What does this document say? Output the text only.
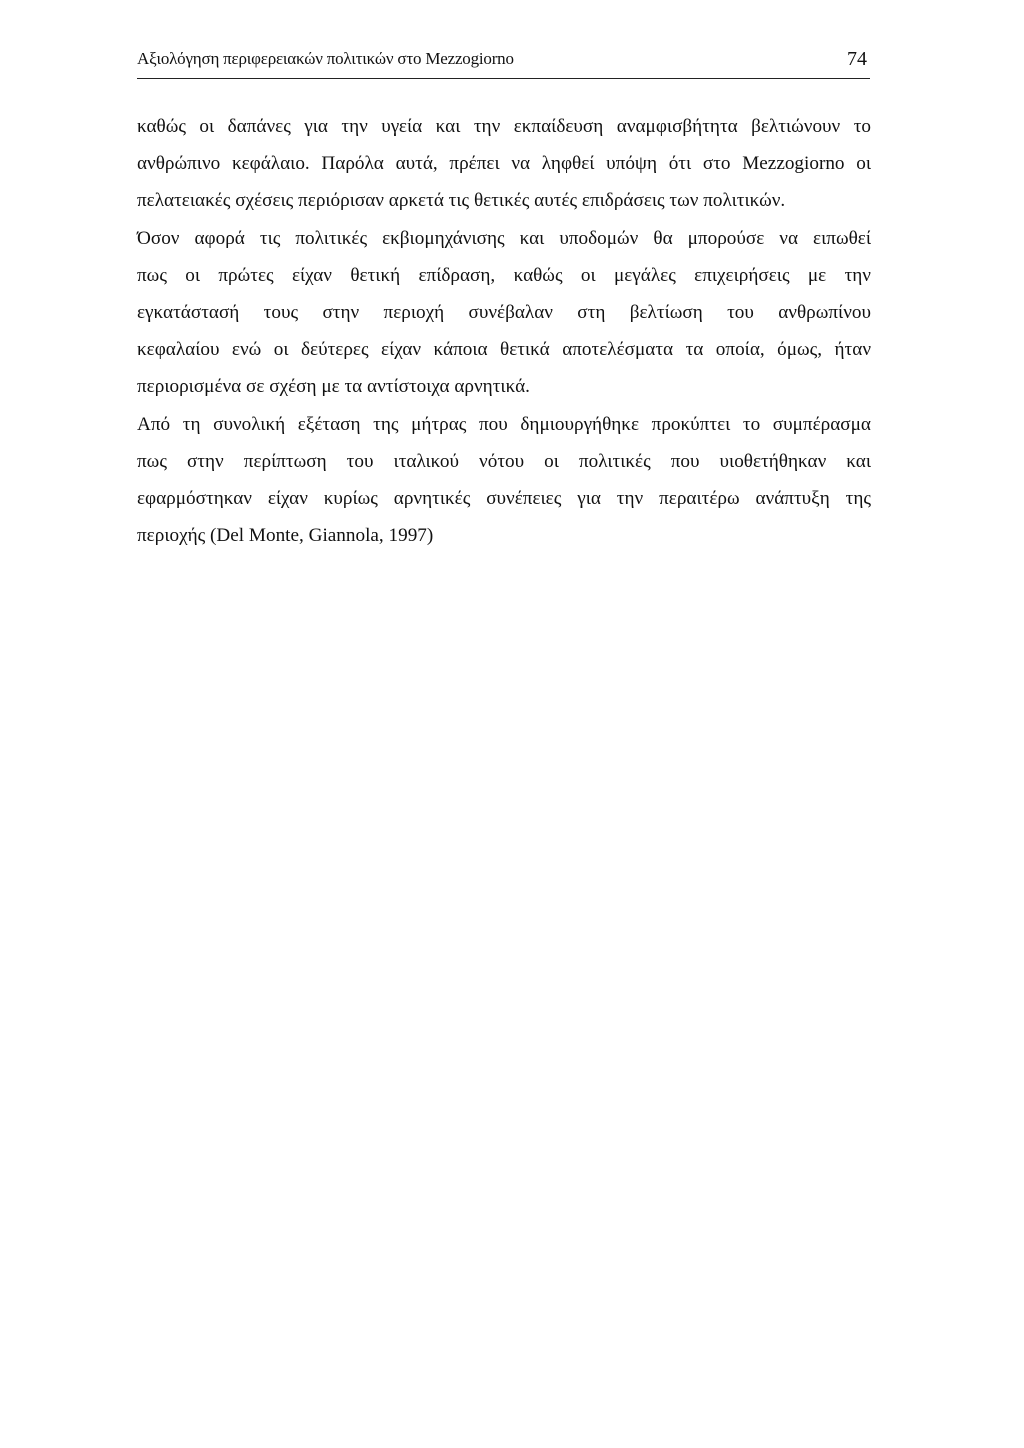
Αξιολόγηση περιφερειακών πολιτικών στο Mezzogiorno	74
καθώς οι δαπάνες για την υγεία και την εκπαίδευση αναμφισβήτητα βελτιώνουν το
ανθρώπινο κεφάλαιο. Παρόλα αυτά, πρέπει να ληφθεί υπόψη ότι στο Mezzogiorno οι
πελατειακές σχέσεις περιόρισαν αρκετά τις θετικές αυτές επιδράσεις των πολιτικών.
Όσον αφορά τις πολιτικές εκβιομηχάνισης και υποδομών θα μπορούσε να ειπωθεί
πως οι πρώτες είχαν θετική επίδραση, καθώς οι μεγάλες επιχειρήσεις με την
εγκατάστασή τους στην περιοχή συνέβαλαν στη βελτίωση του ανθρωπίνου
κεφαλαίου ενώ οι δεύτερες είχαν κάποια θετικά αποτελέσματα τα οποία, όμως, ήταν
περιορισμένα σε σχέση με τα αντίστοιχα αρνητικά.
Από τη συνολική εξέταση της μήτρας που δημιουργήθηκε προκύπτει το συμπέρασμα
πως στην περίπτωση του ιταλικού νότου οι πολιτικές που υιοθετήθηκαν και
εφαρμόστηκαν είχαν κυρίως αρνητικές συνέπειες για την περαιτέρω ανάπτυξη της
περιοχής (Del Monte, Giannola, 1997)
